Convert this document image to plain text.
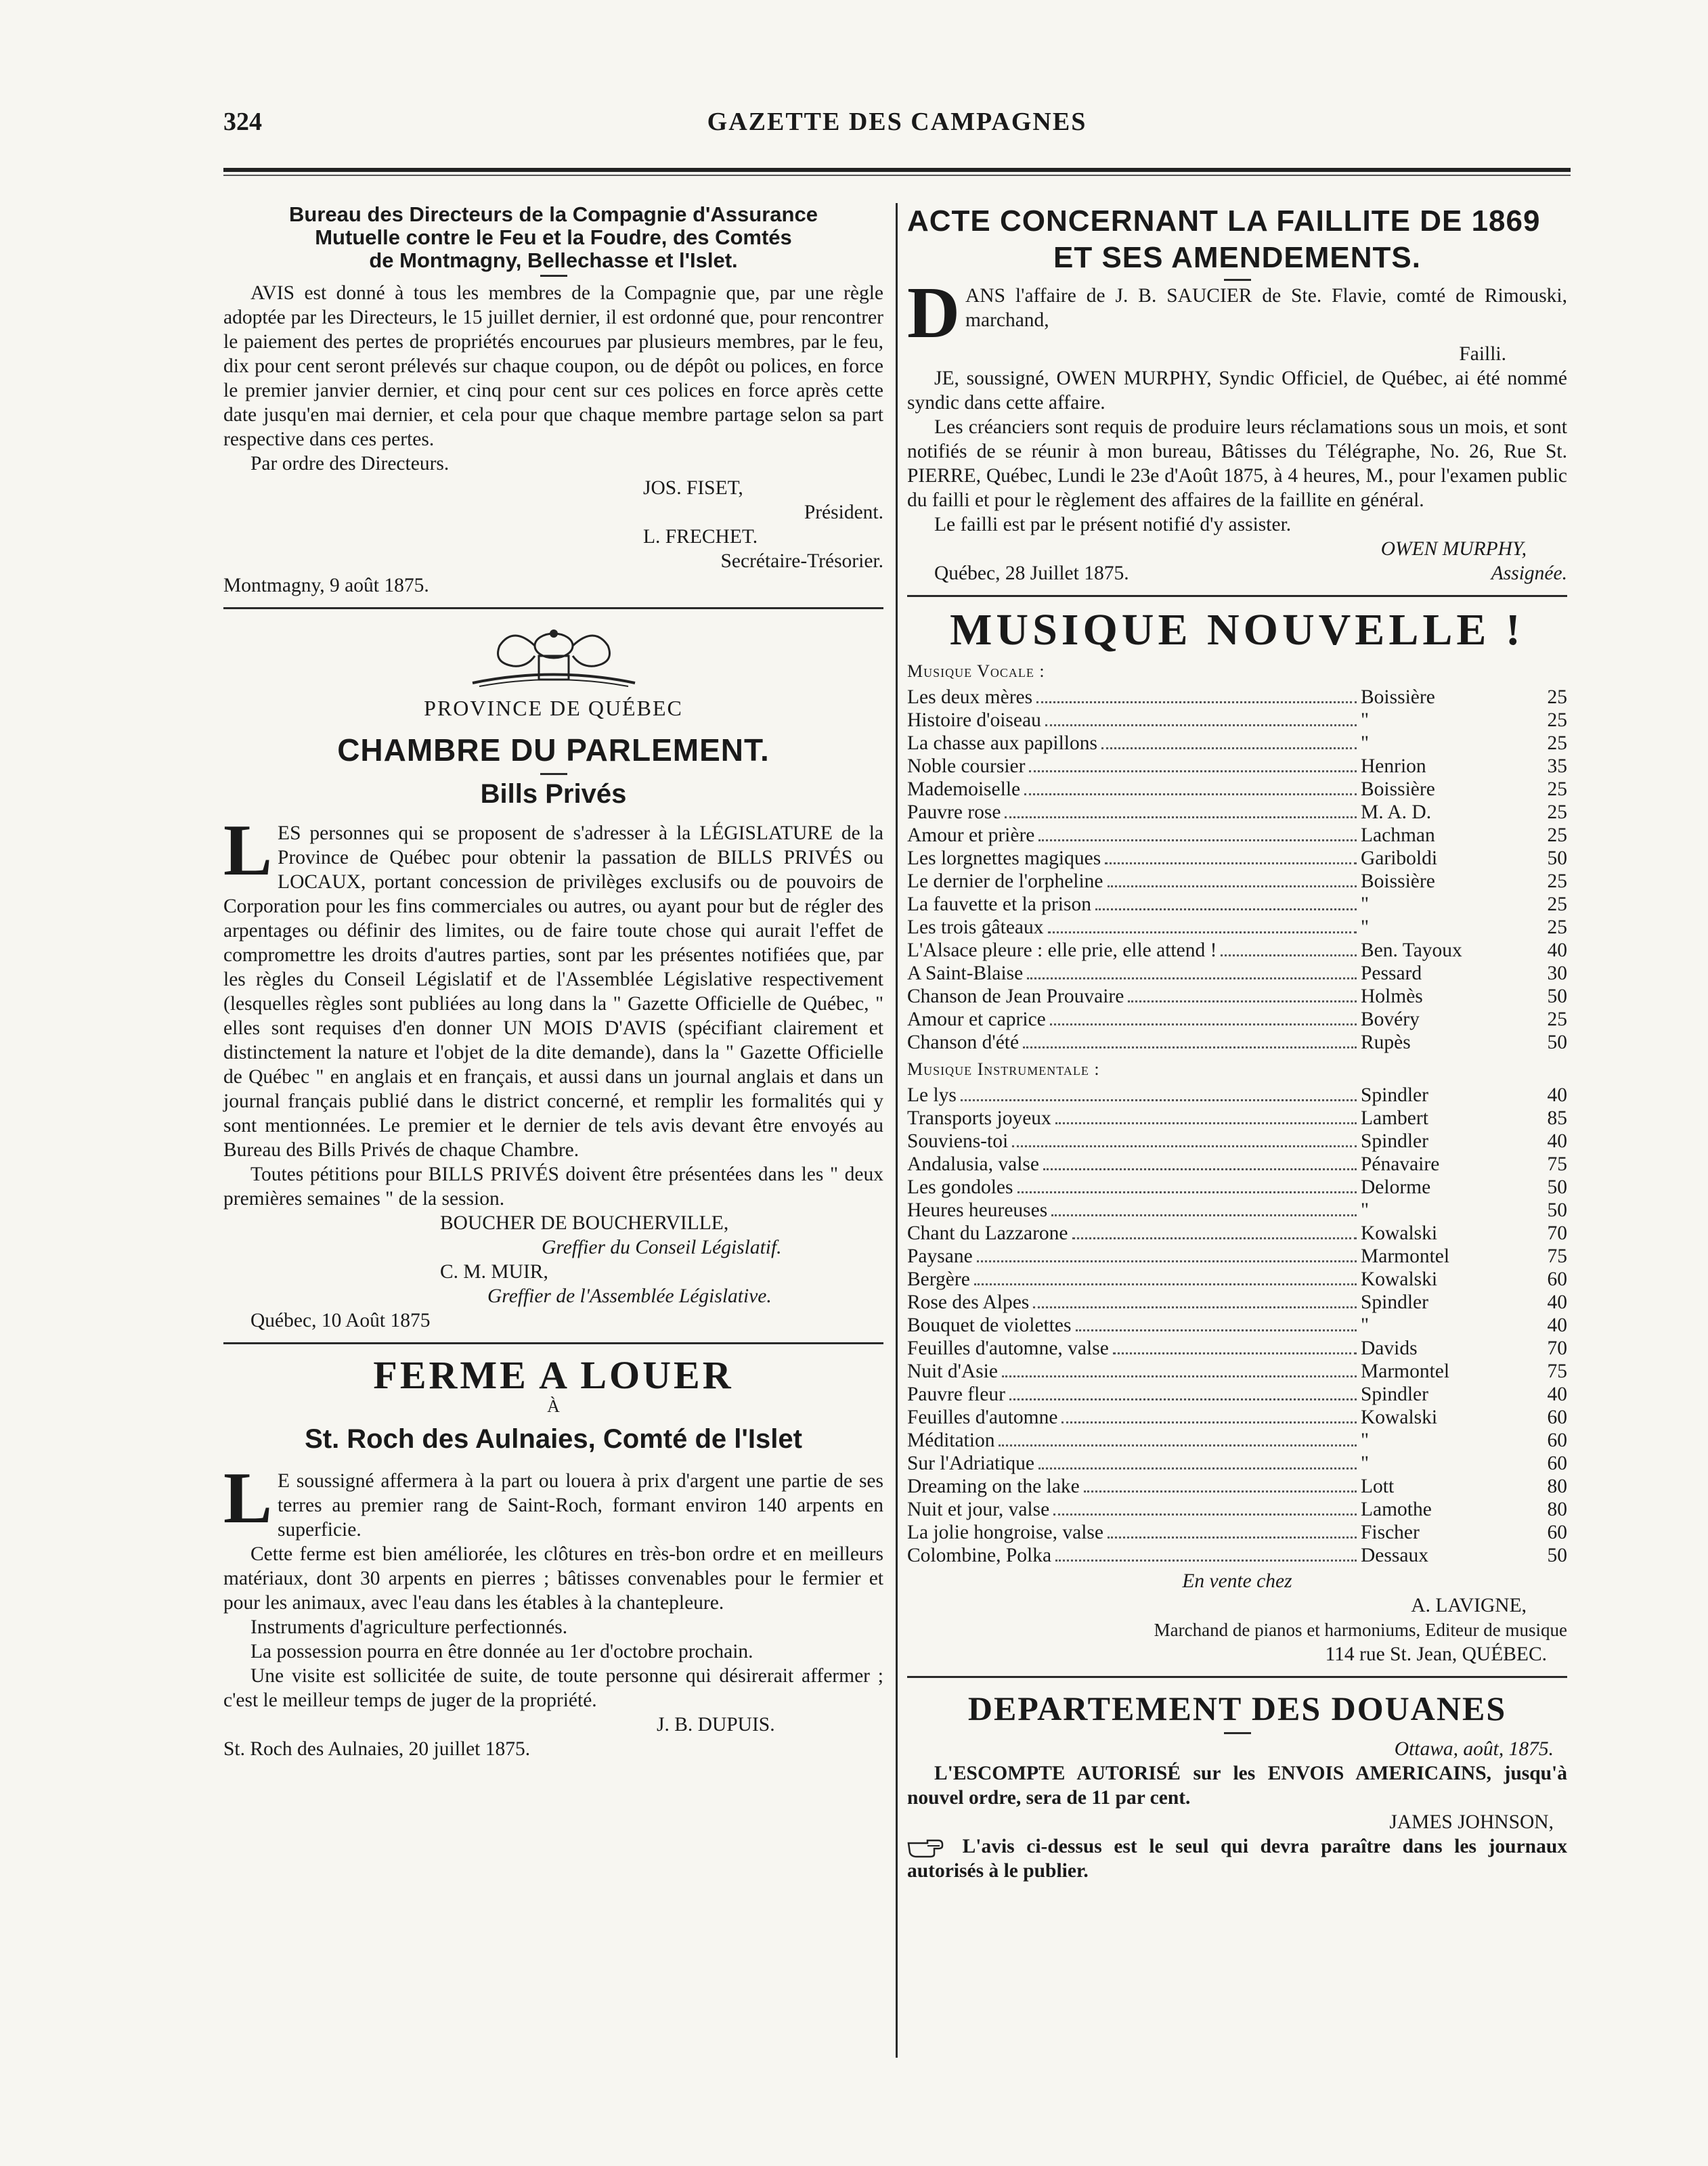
324	GAZETTE DES CAMPAGNES
Bureau des Directeurs de la Compagnie d'Assurance
Mutuelle contre le Feu et la Foudre, des Comtés
de Montmagny, Bellechasse et l'Islet.
AVIS est donné à tous les membres de la Compagnie que, par une règle adoptée par les Directeurs, le 15 juillet dernier, il est ordonné que, pour rencontrer le paiement des pertes de propriétés encourues par plusieurs membres, par le feu, dix pour cent seront prélevés sur chaque coupon, ou de dépôt ou polices, en force le premier janvier dernier, et cinq pour cent sur ces polices en force après cette date jusqu'en mai dernier, et cela pour que chaque membre partage selon sa part respective dans ces pertes.
Par ordre des Directeurs.
JOS. FISET,
Président.
L. FRECHET.
Secrétaire-Trésorier.
Montmagny, 9 août 1875.
PROVINCE DE QUÉBEC
CHAMBRE DU PARLEMENT.
Bills Privés
L ES personnes qui se proposent de s'adresser à la LÉGISLATURE de la Province de Québec pour obtenir la passation de BILLS PRIVÉS ou LOCAUX, portant concession de privilèges exclusifs ou de pouvoirs de Corporation pour les fins commerciales ou autres, ou ayant pour but de régler des arpentages ou définir des limites, ou de faire toute chose qui aurait l'effet de compromettre les droits d'autres parties, sont par les présentes notifiées que, par les règles du Conseil Législatif et de l'Assemblée Législative respectivement (lesquelles règles sont publiées au long dans la " Gazette Officielle de Québec, " elles sont requises d'en donner UN MOIS D'AVIS (spécifiant clairement et distinctement la nature et l'objet de la dite demande), dans la " Gazette Officielle de Québec " en anglais et en français, et aussi dans un journal anglais et dans un journal français publié dans le district concerné, et remplir les formalités qui y sont mentionnées. Le premier et le dernier de tels avis devant être envoyés au Bureau des Bills Privés de chaque Chambre.
Toutes pétitions pour BILLS PRIVÉS doivent être présentées dans les " deux premières semaines " de la session.
BOUCHER DE BOUCHERVILLE,
Greffier du Conseil Législatif.
C. M. MUIR,
Greffier de l'Assemblée Législative.
Québec, 10 Août 1875
FERME A LOUER
À
St. Roch des Aulnaies, Comté de l'Islet
L E soussigné affermera à la part ou louera à prix d'argent une partie de ses terres au premier rang de Saint-Roch, formant environ 140 arpents en superficie.
Cette ferme est bien améliorée, les clôtures en très-bon ordre et en meilleurs matériaux, dont 30 arpents en pierres ; bâtisses convenables pour le fermier et pour les animaux, avec l'eau dans les étables à la chantepleure.
Instruments d'agriculture perfectionnés.
La possession pourra en être donnée au 1er d'octobre prochain.
Une visite est sollicitée de suite, de toute personne qui désirerait affermer ; c'est le meilleur temps de juger de la propriété.
J. B. DUPUIS.
St. Roch des Aulnaies, 20 juillet 1875.
ACTE CONCERNANT LA FAILLITE DE 1869
ET SES AMENDEMENTS.
D ANS l'affaire de J. B. SAUCIER de Ste. Flavie, comté de Rimouski, marchand,
Failli.
JE, soussigné, OWEN MURPHY, Syndic Officiel, de Québec, ai été nommé syndic dans cette affaire.
Les créanciers sont requis de produire leurs réclamations sous un mois, et sont notifiés de se réunir à mon bureau, Bâtisses du Télégraphe, No. 26, Rue St. PIERRE, Québec, Lundi le 23e d'Août 1875, à 4 heures, M., pour l'examen public du failli et pour le règlement des affaires de la faillite en général.
Le failli est par le présent notifié d'y assister.
OWEN MURPHY,
Québec, 28 Juillet 1875.	Assignée.
MUSIQUE NOUVELLE !
Musique Vocale :
Les deux mères	Boissière	25
Histoire d'oiseau	"	25
La chasse aux papillons	"	25
Noble coursier	Henrion	35
Mademoiselle	Boissière	25
Pauvre rose	M. A. D.	25
Amour et prière	Lachman	25
Les lorgnettes magiques	Gariboldi	50
Le dernier de l'orpheline	Boissière	25
La fauvette et la prison	"	25
Les trois gâteaux	"	25
L'Alsace pleure : elle prie, elle attend !	Ben. Tayoux	40
A Saint-Blaise	Pessard	30
Chanson de Jean Prouvaire	Holmès	50
Amour et caprice	Bovéry	25
Chanson d'été	Rupès	50
Musique Instrumentale :
Le lys	Spindler	40
Transports joyeux	Lambert	85
Souviens-toi	Spindler	40
Andalusia, valse	Pénavaire	75
Les gondoles	Delorme	50
Heures heureuses	"	50
Chant du Lazzarone	Kowalski	70
Paysane	Marmontel	75
Bergère	Kowalski	60
Rose des Alpes	Spindler	40
Bouquet de violettes	"	40
Feuilles d'automne, valse	Davids	70
Nuit d'Asie	Marmontel	75
Pauvre fleur	Spindler	40
Feuilles d'automne	Kowalski	60
Méditation	"	60
Sur l'Adriatique	"	60
Dreaming on the lake	Lott	80
Nuit et jour, valse	Lamothe	80
La jolie hongroise, valse	Fischer	60
Colombine, Polka	Dessaux	50
En vente chez
A. LAVIGNE,
Marchand de pianos et harmoniums, Editeur de musique
114 rue St. Jean, QUÉBEC.
DEPARTEMENT DES DOUANES
Ottawa, août, 1875.
L'ESCOMPTE AUTORISÉ sur les ENVOIS AMERICAINS, jusqu'à nouvel ordre, sera de 11 par cent.
JAMES JOHNSON,
L'avis ci-dessus est le seul qui devra paraître dans les journaux autorisés à le publier.
